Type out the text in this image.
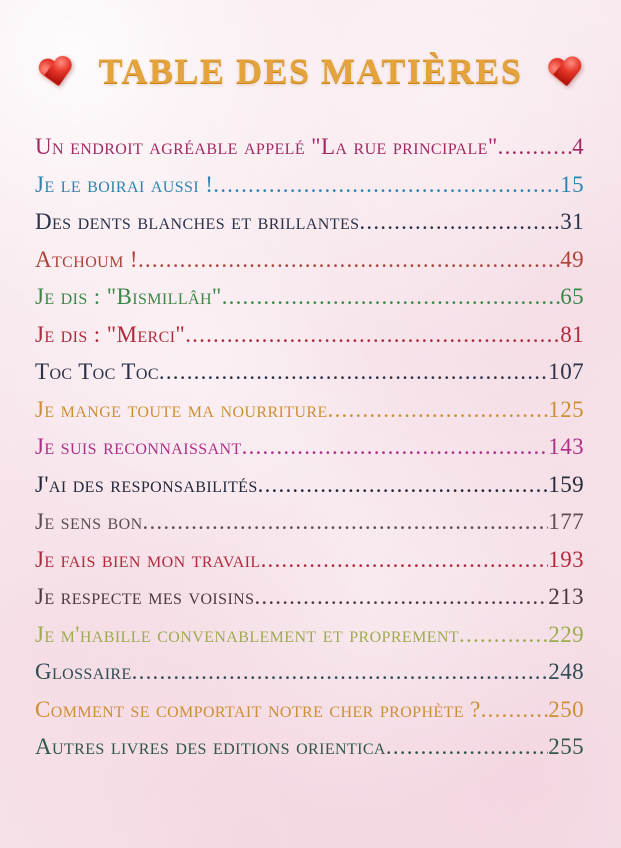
TABLE DES MATIÈRES
Un endroit agréable appelé "La rue principale" .....	4
Je le boirai aussi ! .....	15
Des dents blanches et brillantes .....	31
Atchoum ! .....	49
Je dis : "Bismillâh" .....	65
Je dis : "Merci" .....	81
Toc Toc Toc .....	107
Je mange toute ma nourriture .....	125
Je suis reconnaissant .....	143
J'ai des responsabilités .....	159
Je sens bon .....	177
Je fais bien mon travail .....	193
Je respecte mes voisins .....	213
Je m'habille convenablement et proprement .....	229
Glossaire .....	248
Comment se comportait notre cher prophète ? .....	250
Autres livres des editions orientica .....	255
